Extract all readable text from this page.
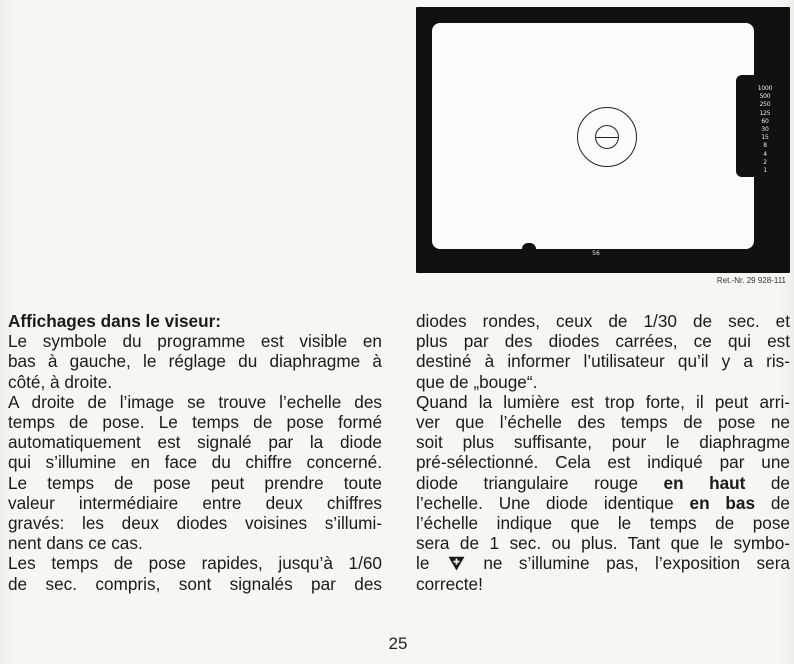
1000
500
250
125
60
30
15
8
4
2
1
56
Ret.-Nr. 29 928-111
Affichages dans le viseur:
Le symbole du programme est visible en
bas à gauche, le réglage du diaphragme à
côté, à droite.
A droite de l’image se trouve l’echelle des
temps de pose. Le temps de pose formé
automatiquement est signalé par la diode
qui s’illumine en face du chiffre concerné.
Le temps de pose peut prendre toute
valeur intermédiaire entre deux chiffres
gravés: les deux diodes voisines s’illumi-
nent dans ce cas.
Les temps de pose rapides, jusqu’à 1/60
de sec. compris, sont signalés par des
diodes rondes, ceux de 1/30 de sec. et
plus par des diodes carrées, ce qui est
destiné à informer l’utilisateur qu’il y a ris-
que de „bouge“.
Quand la lumière est trop forte, il peut arri-
ver que l’échelle des temps de pose ne
soit plus suffisante, pour le diaphragme
pré-sélectionné. Cela est indiqué par une
diode triangulaire rouge en haut de
l’echelle. Une diode identique en bas de
l’échelle indique que le temps de pose
sera de 1 sec. ou plus. Tant que le symbo-
le  ne s’illumine pas, l’exposition sera
correcte!
25
